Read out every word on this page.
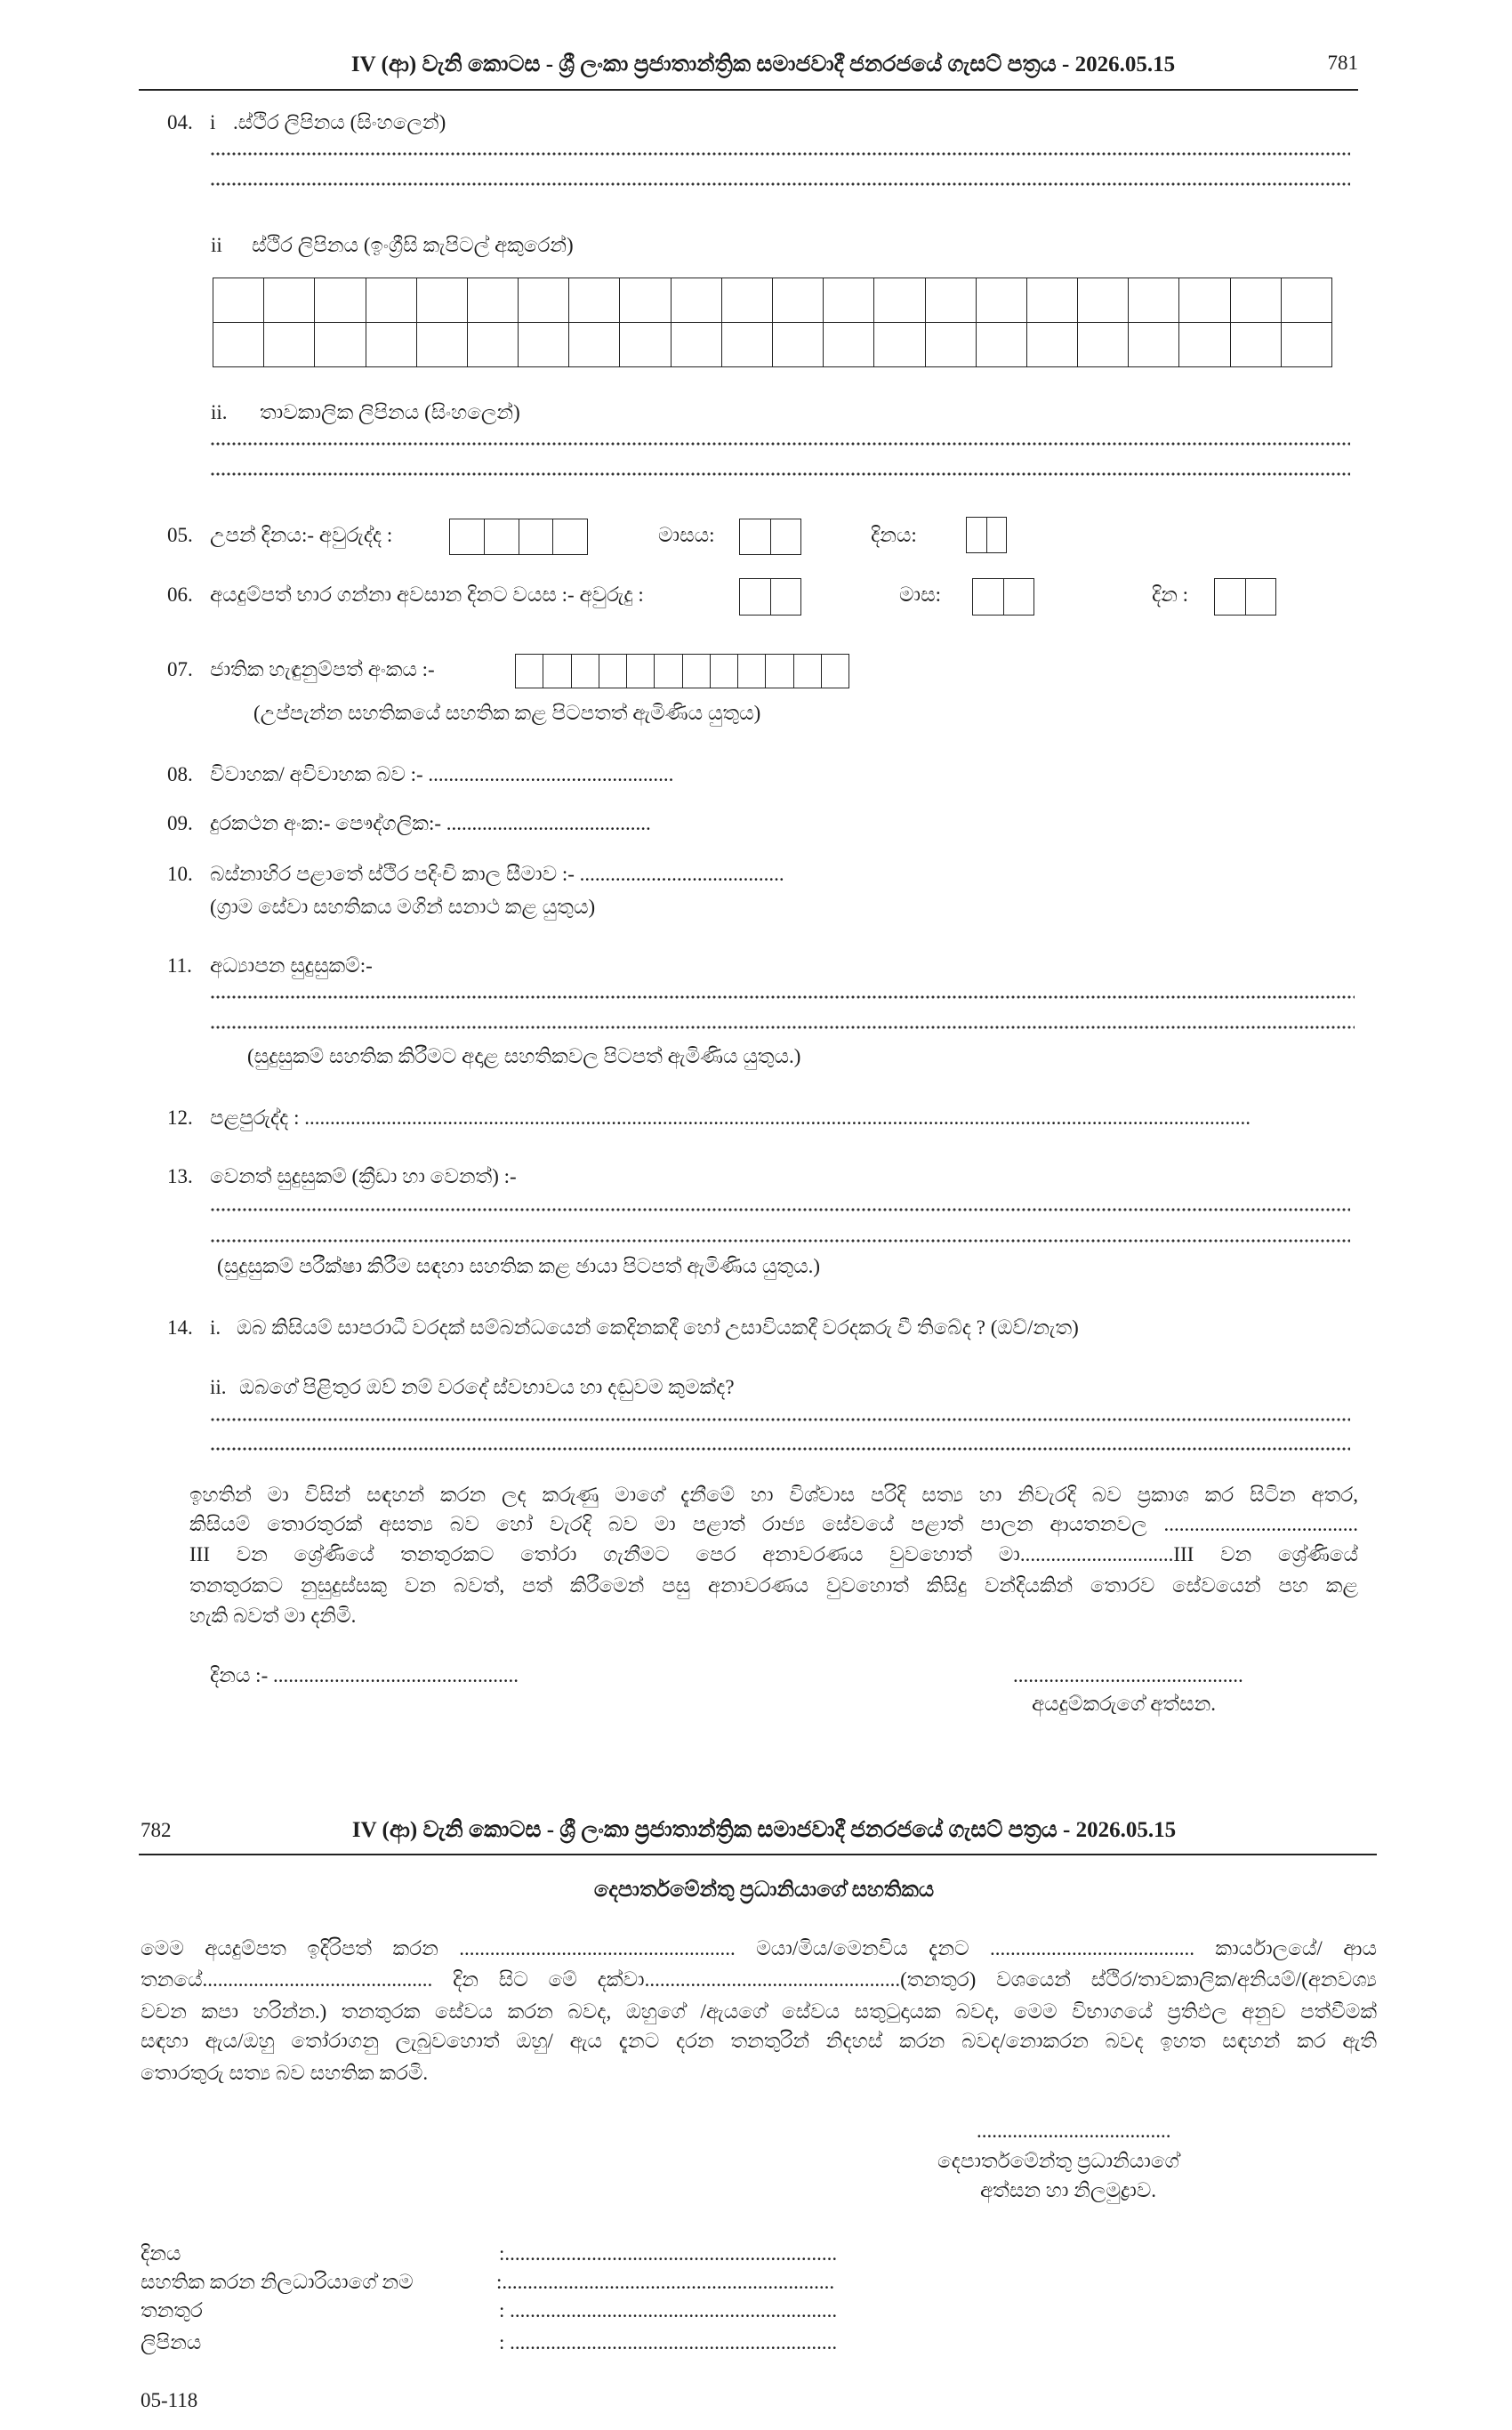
IV (ආ) වැනි කොටස - ශ්‍රී ලංකා ප්‍රජාතාන්ත්‍රික සමාජවාදී ජනරජයේ ගැසට් පත්‍රය - 2026.05.15	781
04. i .ස්ථිර ලිපිනය (සිංහලෙන්)
ii ස්ථිර ලිපිනය (ඉංග්‍රීසි කැපිටල් අකුරෙන්)
ii. තාවකාලික ලිපිනය (සිංහලෙන්)
05. උපන් දිනය:- අවුරුද්ද :	මාසය:	දිනය:
06. අයදුම්පත් භාර ගන්නා අවසාන දිනට වයස :- අවුරුදු :	මාස:	දින :
07. ජාතික හැඳුනුම්පත් අංකය :-
(උප්පැන්න සහතිකයේ සහතික කළ පිටපතත් ඇමිණිය යුතුය)
08. විවාහක/ අවිවාහක බව :- ................................................
09. දුරකථන අංක:- පෞද්ගලික:- ........................................
10. බස්නාහිර පළාතේ ස්ථිර පදිංචි කාල සීමාව :- ........................................
(ග්‍රාම සේවා සහතිකය මගින් සනාථ කළ යුතුය)
11. අධ්‍යාපන සුදුසුකම්:-
(සුදුසුකම් සහතික කිරීමට අදාළ සහතිකවල පිටපත් ඇමිණිය යුතුය.)
12. පළපුරුද්ද : .........................................................................................................................................................................................
13. වෙනත් සුදුසුකම් (ක්‍රීඩා හා වෙනත්) :-
(සුදුසුකම් පරීක්ෂා කිරීම සඳහා සහතික කළ ඡායා පිටපත් ඇමිණිය යුතුය.)
14. i. ඔබ කිසියම් සාපරාධී වරදක් සම්බන්ධයෙන් කෙදිනකදී හෝ උසාවියකදී වරදකරු වී තිබේද ? (ඔව්/නැත)
ii. ඔබගේ පිළිතුර ඔව් නම් වරදේ ස්වභාවය හා දඬුවම කුමක්ද?
ඉහතින් මා විසින් සඳහන් කරන ලද කරුණු මාගේ දැනීමේ හා විශ්වාස පරිදි සත්‍ය හා නිවැරදි බව ප්‍රකාශ කර සිටින අතර,
කිසියම් තොරතුරක් අසත්‍ය බව හෝ වැරදි බව මා පළාත් රාජ්‍ය සේවයේ පළාත් පාලන ආයතනවල ......................................
III වන ශ්‍රේණියේ තනතුරකට තෝරා ගැනීමට පෙර අනාවරණය වුවහොත් මා..............................III වන ශ්‍රේණියේ
තනතුරකට නුසුදුස්සකු වන බවත්, පත් කිරීමෙන් පසු අනාවරණය වුවහොත් කිසිදු වන්දියකින් තොරව සේවයෙන් පහ කළ
හැකි බවත් මා දනිමි.
දිනය :- ................................................	.............................................
අයදුම්කරුගේ අත්සන.
782	IV (ආ) වැනි කොටස - ශ්‍රී ලංකා ප්‍රජාතාන්ත්‍රික සමාජවාදී ජනරජයේ ගැසට් පත්‍රය - 2026.05.15
දෙපාර්තමේන්තු ප්‍රධානියාගේ සහතිකය
මෙම අයදුම්පත ඉදිරිපත් කරන ...................................................... මයා/මිය/මෙනවිය දැනට ........................................ කාර්යාලයේ/ ආය
තනයේ............................................. දින සිට මේ දක්වා..................................................(තනතුර) වශයෙන් ස්ථිර/තාවකාලික/අනියම්/(අනවශ්‍ය
වචන කපා හරින්න.) තනතුරක සේවය කරන බවද, ඔහුගේ /ඇයගේ සේවය සතුටුදායක බවද, මෙම විභාගයේ ප්‍රතිඵල අනුව පත්වීමක්
සඳහා ඇය/ඔහු තෝරාගනු ලැබුවහොත් ඔහු/ ඇය දැනට දරන තනතුරින් නිදහස් කරන බවද/නොකරන බවද ඉහත සඳහන් කර ඇති
තොරතුරු සත්‍ය බව සහතික කරමි.
......................................
දෙපාර්තමේන්තු ප්‍රධානියාගේ
අත්සන හා නිලමුද්‍රාව.
දිනය	:.................................................................
සහතික කරන නිලධාරියාගේ නම	:.................................................................
තනතුර	: ................................................................
ලිපිනය	: ................................................................
05-118
